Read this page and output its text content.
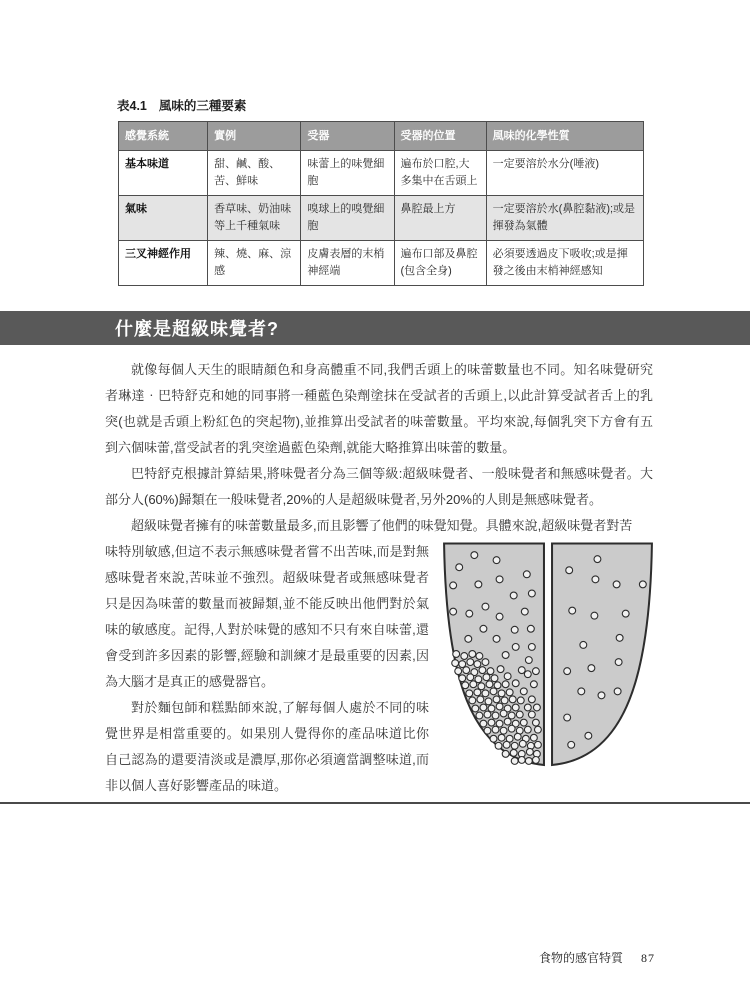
表4.1 風味的三種要素
感覺系統	實例	受器	受器的位置	風味的化學性質
基本味道	甜、鹹、酸、苦、鮮味	味蕾上的味覺細胞	遍布於口腔,大多集中在舌頭上	一定要溶於水分(唾液)
氣味	香草味、奶油味等上千種氣味	嗅球上的嗅覺細胞	鼻腔最上方	一定要溶於水(鼻腔黏液);或是揮發為氣體
三叉神經作用	辣、燒、麻、涼感	皮膚表層的末梢神經端	遍布口部及鼻腔(包含全身)	必須要透過皮下吸收;或是揮發之後由末梢神經感知
什麼是超級味覺者?

就像每個人天生的眼睛顏色和身高體重不同,我們舌頭上的味蕾數量也不同。知名味覺研究者琳達‧巴特舒克和她的同事將一種藍色染劑塗抹在受試者的舌頭上,以此計算受試者舌上的乳突(也就是舌頭上粉紅色的突起物),並推算出受試者的味蕾數量。平均來說,每個乳突下方會有五到六個味蕾,當受試者的乳突塗過藍色染劑,就能大略推算出味蕾的數量。

巴特舒克根據計算結果,將味覺者分為三個等級:超級味覺者、一般味覺者和無感味覺者。大部分人(60%)歸類在一般味覺者,20%的人是超級味覺者,另外20%的人則是無感味覺者。

超級味覺者擁有的味蕾數量最多,而且影響了他們的味覺知覺。具體來說,超級味覺者對苦

味特別敏感,但這不表示無感味覺者嘗不出苦味,而是對無感味覺者來說,苦味並不強烈。超級味覺者或無感味覺者只是因為味蕾的數量而被歸類,並不能反映出他們對於氣味的敏感度。記得,人對於味覺的感知不只有來自味蕾,還會受到許多因素的影響,經驗和訓練才是最重要的因素,因為大腦才是真正的感覺器官。

對於麵包師和糕點師來說,了解每個人處於不同的味覺世界是相當重要的。如果別人覺得你的產品味道比你自己認為的還要清淡或是濃厚,那你必須適當調整味道,而非以個人喜好影響產品的味道。

食物的感官特質 87
